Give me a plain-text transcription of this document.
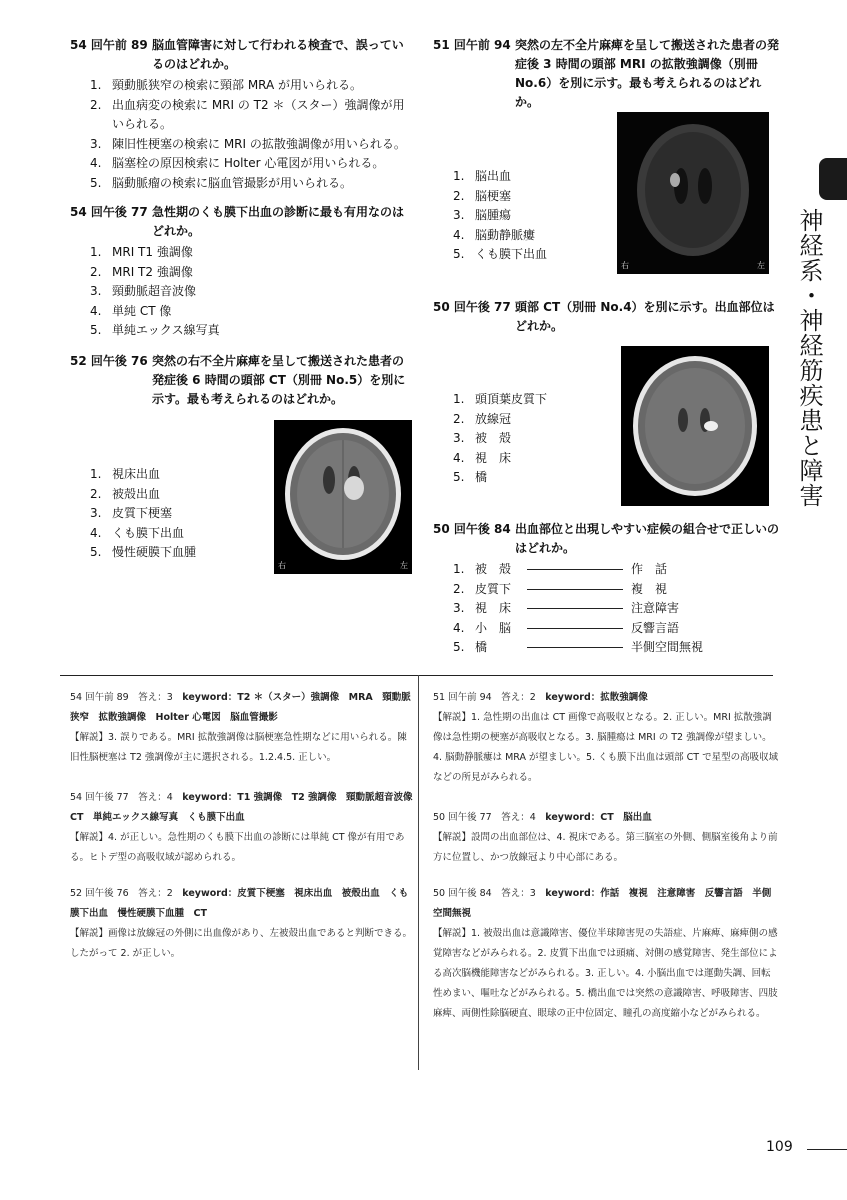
54 回午前 89 脳血管障害に対して行われる検査で、誤っているのはどれか。
1. 頸動脈狭窄の検索に頸部 MRA が用いられる。
2. 出血病変の検索に MRI の T2 ＊（スター）強調像が用いられる。
3. 陳旧性梗塞の検索に MRI の拡散強調像が用いられる。
4. 脳塞栓の原因検索に Holter 心電図が用いられる。
5. 脳動脈瘤の検索に脳血管撮影が用いられる。
54 回午後 77 急性期のくも膜下出血の診断に最も有用なのはどれか。
1. MRI T1 強調像
2. MRI T2 強調像
3. 頸動脈超音波像
4. 単純 CT 像
5. 単純エックス線写真
52 回午後 76 突然の右不全片麻痺を呈して搬送された患者の発症後 6 時間の頭部 CT（別冊 No.5）を別に示す。最も考えられるのはどれか。
1. 視床出血
2. 被殻出血
3. 皮質下梗塞
4. くも膜下出血
5. 慢性硬膜下血腫
右	左
51 回午前 94 突然の左不全片麻痺を呈して搬送された患者の発症後 3 時間の頭部 MRI の拡散強調像（別冊 No.6）を別に示す。最も考えられるのはどれか。
1. 脳出血
2. 脳梗塞
3. 脳腫瘍
4. 脳動静脈瘻
5. くも膜下出血
右	左
50 回午後 77 頭部 CT（別冊 No.4）を別に示す。出血部位はどれか。
1. 頭頂葉皮質下
2. 放線冠
3. 被　殻
4. 視　床
5. 橋
50 回午後 84 出血部位と出現しやすい症候の組合せで正しいのはどれか。
1. 被　殻	作　話
2. 皮質下	複　視
3. 視　床	注意障害
4. 小　脳	反響言語
5. 橋	半側空間無視
神経系・神経筋疾患と障害
54 回午前 89　答え：3　keyword：T2 ＊（スター）強調像　MRA　頸動脈狭窄　拡散強調像　Holter 心電図　脳血管撮影
【解説】3. 誤りである。MRI 拡散強調像は脳梗塞急性期などに用いられる。陳旧性脳梗塞は T2 強調像が主に選択される。1.2.4.5. 正しい。
54 回午後 77　答え：4　keyword：T1 強調像　T2 強調像　頸動脈超音波像　CT　単純エックス線写真　くも膜下出血
【解説】4. が正しい。急性期のくも膜下出血の診断には単純 CT 像が有用である。ヒトデ型の高吸収域が認められる。
52 回午後 76　答え：2　keyword：皮質下梗塞　視床出血　被殻出血　くも膜下出血　慢性硬膜下血腫　CT
【解説】画像は放線冠の外側に出血像があり、左被殻出血であると判断できる。したがって 2. が正しい。
51 回午前 94　答え：2　keyword：拡散強調像
【解説】1. 急性期の出血は CT 画像で高吸収となる。2. 正しい。MRI 拡散強調像は急性期の梗塞が高吸収となる。3. 脳腫瘍は MRI の T2 強調像が望ましい。4. 脳動静脈瘻は MRA が望ましい。5. くも膜下出血は頭部 CT で星型の高吸収域などの所見がみられる。
50 回午後 77　答え：4　keyword：CT　脳出血
【解説】設問の出血部位は、4. 視床である。第三脳室の外側、側脳室後角より前方に位置し、かつ放線冠より中心部にある。
50 回午後 84　答え：3　keyword：作話　複視　注意障害　反響言語　半側空間無視
【解説】1. 被殻出血は意識障害、優位半球障害児の失語症、片麻痺、麻痺側の感覚障害などがみられる。2. 皮質下出血では頭痛、対側の感覚障害、発生部位による高次脳機能障害などがみられる。3. 正しい。4. 小脳出血では運動失調、回転性めまい、嘔吐などがみられる。5. 橋出血では突然の意識障害、呼吸障害、四肢麻痺、両側性除脳硬直、眼球の正中位固定、瞳孔の高度縮小などがみられる。
109
